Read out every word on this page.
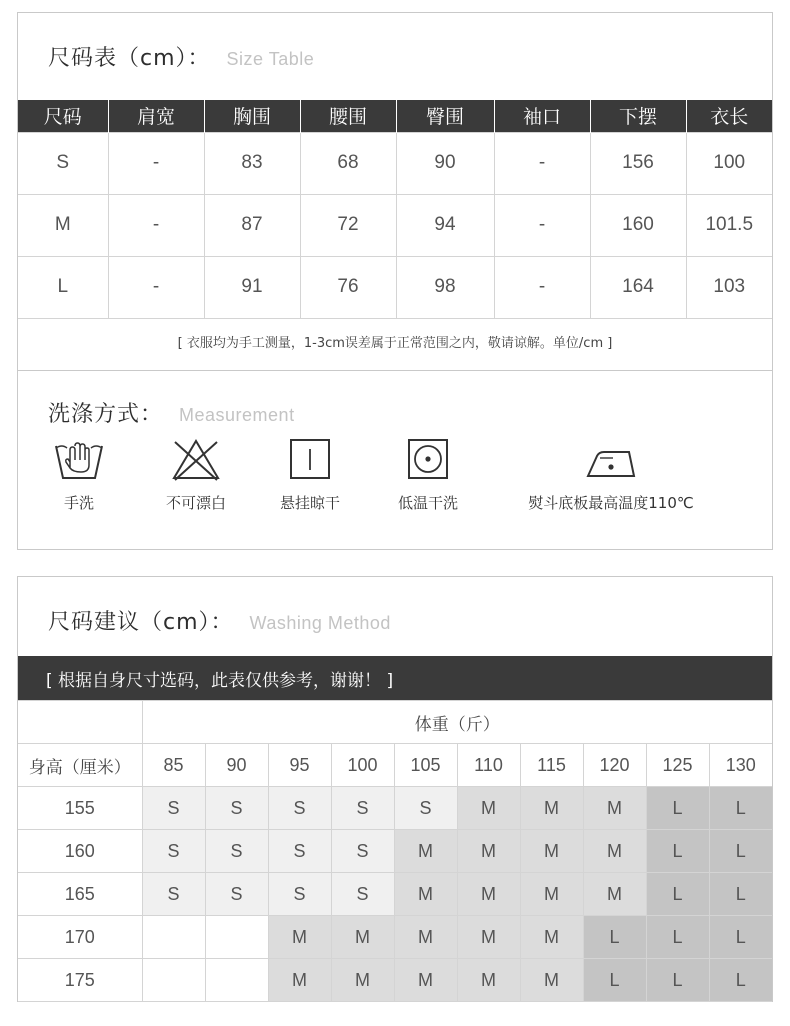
尺码表（cm）： Size Table
尺码	肩宽	胸围	腰围	臀围	袖口	下摆	衣长
S	-	83	68	90	-	156	100
M	-	87	72	94	-	160	101.5
L	-	91	76	98	-	164	103
[ 衣服均为手工测量，1-3cm误差属于正常范围之内，敬请谅解。单位/cm ]
洗涤方式： Measurement
手洗	不可漂白	悬挂晾干	低温干洗	熨斗底板最高温度110℃
尺码建议（cm）： Washing Method
[ 根据自身尺寸选码，此表仅供参考，谢谢！ ]
	体重（斤）									
身高（厘米）	85	90	95	100	105	110	115	120	125	130
155	S	S	S	S	S	M	M	M	L	L
160	S	S	S	S	M	M	M	M	L	L
165	S	S	S	S	M	M	M	M	L	L
170			M	M	M	M	M	L	L	L
175			M	M	M	M	M	L	L	L
